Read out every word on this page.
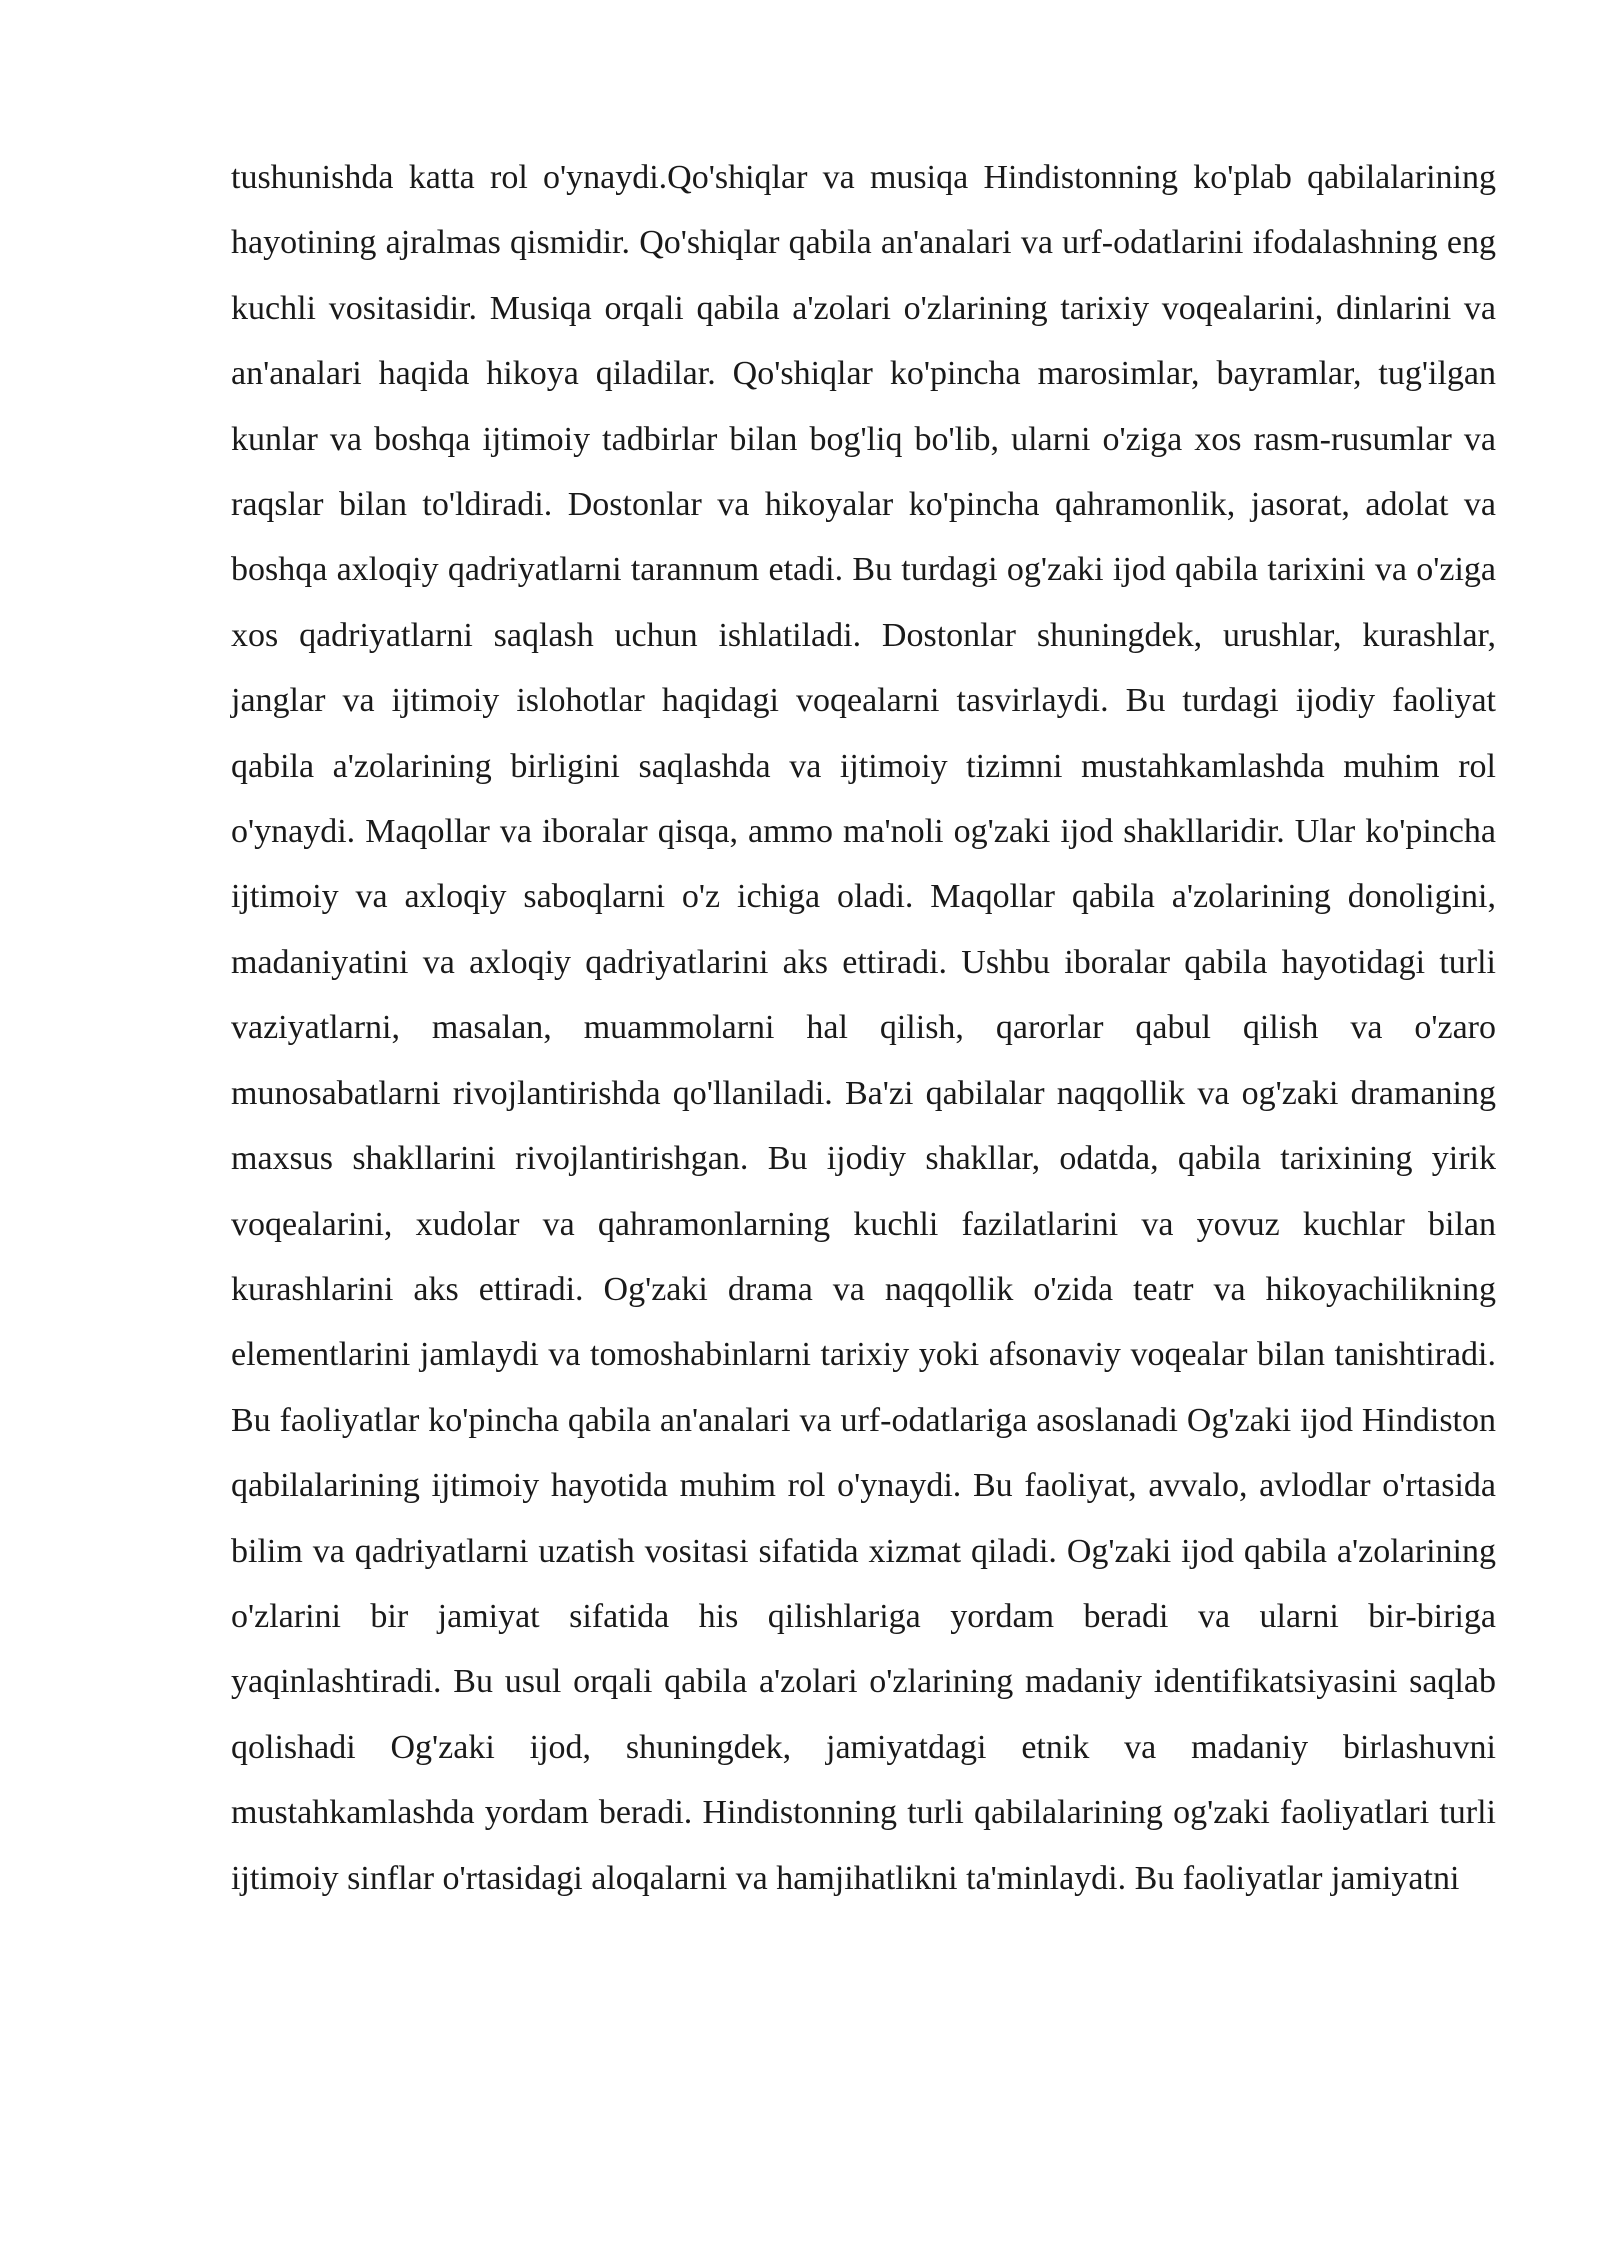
tushunishda katta rol o'ynaydi.Qo'shiqlar va musiqa Hindistonning ko'plab qabilalarining hayotining ajralmas qismidir. Qo'shiqlar qabila an'analari va urf-odatlarini ifodalashning eng kuchli vositasidir. Musiqa orqali qabila a'zolari o'zlarining tarixiy voqealarini, dinlarini va an'analari haqida hikoya qiladilar. Qo'shiqlar ko'pincha marosimlar, bayramlar, tug'ilgan kunlar va boshqa ijtimoiy tadbirlar bilan bog'liq bo'lib, ularni o'ziga xos rasm-rusumlar va raqslar bilan to'ldiradi. Dostonlar va hikoyalar ko'pincha qahramonlik, jasorat, adolat va boshqa axloqiy qadriyatlarni tarannum etadi. Bu turdagi og'zaki ijod qabila tarixini va o'ziga xos qadriyatlarni saqlash uchun ishlatiladi. Dostonlar shuningdek, urushlar, kurashlar, janglar va ijtimoiy islohotlar haqidagi voqealarni tasvirlaydi. Bu turdagi ijodiy faoliyat qabila a'zolarining birligini saqlashda va ijtimoiy tizimni mustahkamlashda muhim rol o'ynaydi. Maqollar va iboralar qisqa, ammo ma'noli og'zaki ijod shakllaridir. Ular ko'pincha ijtimoiy va axloqiy saboqlarni o'z ichiga oladi. Maqollar qabila a'zolarining donoligini, madaniyatini va axloqiy qadriyatlarini aks ettiradi. Ushbu iboralar qabila hayotidagi turli vaziyatlarni, masalan, muammolarni hal qilish, qarorlar qabul qilish va o'zaro munosabatlarni rivojlantirishda qo'llaniladi. Ba'zi qabilalar naqqollik va og'zaki dramaning maxsus shakllarini rivojlantirishgan. Bu ijodiy shakllar, odatda, qabila tarixining yirik voqealarini, xudolar va qahramonlarning kuchli fazilatlarini va yovuz kuchlar bilan kurashlarini aks ettiradi. Og'zaki drama va naqqollik o'zida teatr va hikoyachilikning elementlarini jamlaydi va tomoshabinlarni tarixiy yoki afsonaviy voqealar bilan tanishtiradi. Bu faoliyatlar ko'pincha qabila an'analari va urf-odatlariga asoslanadi Og'zaki ijod Hindiston qabilalarining ijtimoiy hayotida muhim rol o'ynaydi. Bu faoliyat, avvalo, avlodlar o'rtasida bilim va qadriyatlarni uzatish vositasi sifatida xizmat qiladi. Og'zaki ijod qabila a'zolarining o'zlarini bir jamiyat sifatida his qilishlariga yordam beradi va ularni bir-biriga yaqinlashtiradi. Bu usul orqali qabila a'zolari o'zlarining madaniy identifikatsiyasini saqlab qolishadi Og'zaki ijod, shuningdek, jamiyatdagi etnik va madaniy birlashuvni mustahkamlashda yordam beradi. Hindistonning turli qabilalarining og'zaki faoliyatlari turli ijtimoiy sinflar o'rtasidagi aloqalarni va hamjihatlikni ta'minlaydi. Bu faoliyatlar jamiyatni
